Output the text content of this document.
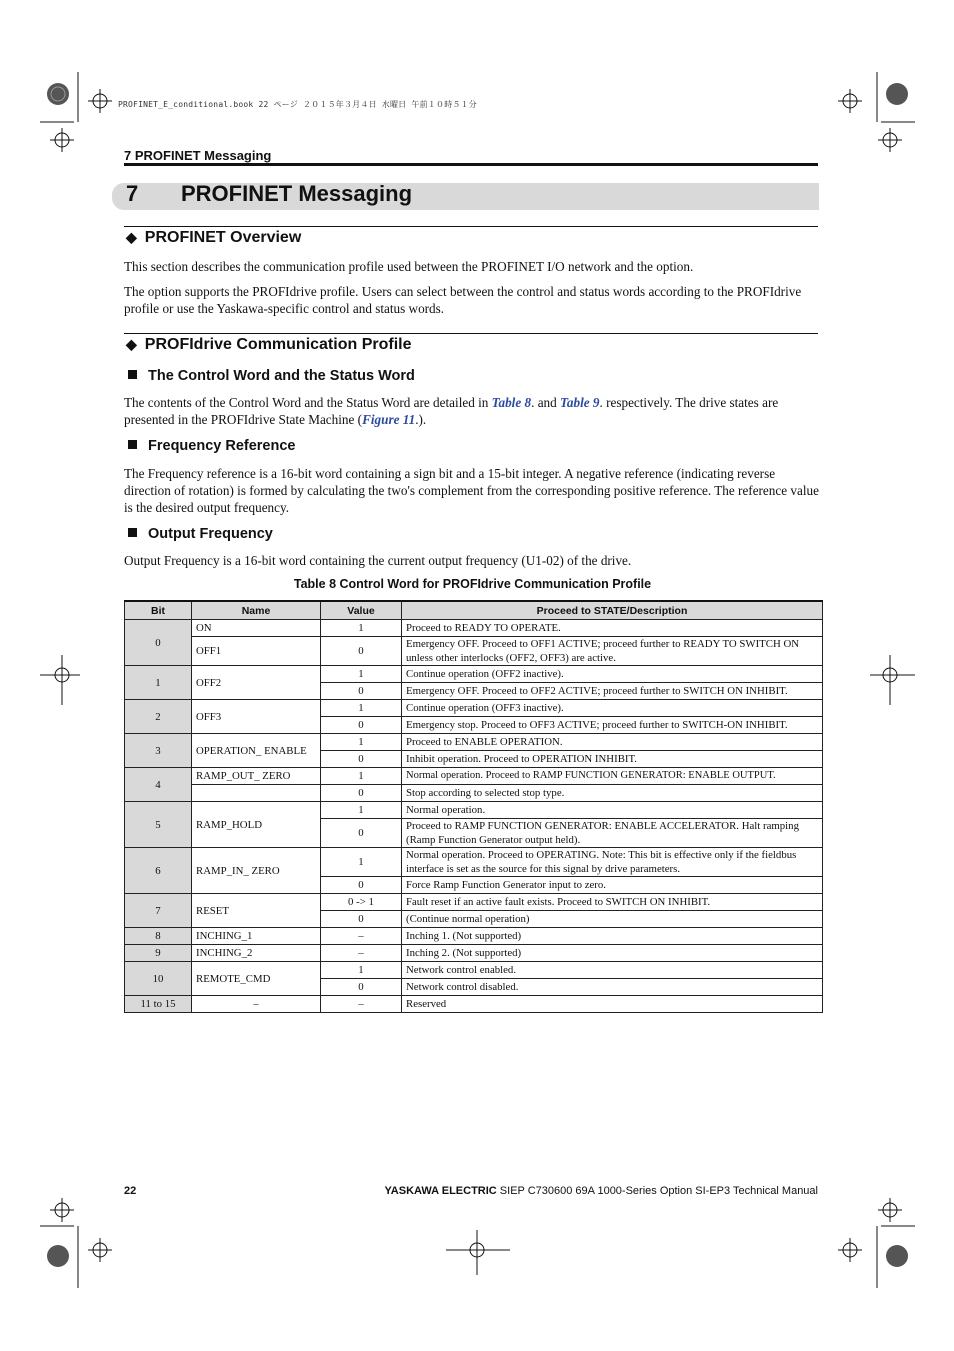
PROFINET_E_conditional.book 22 ページ ２０１５年３月４日 水曜日 午前１０時５１分
7 PROFINET Messaging
7 PROFINET Messaging
◆ PROFINET Overview

This section describes the communication profile used between the PROFINET I/O network and the option.

The option supports the PROFIdrive profile. Users can select between the control and status words according to the PROFIdrive profile or use the Yaskawa-specific control and status words.

◆ PROFIdrive Communication Profile
The Control Word and the Status Word

The contents of the Control Word and the Status Word are detailed in Table 8. and Table 9. respectively. The drive states are presented in the PROFIdrive State Machine (Figure 11.).

Frequency Reference

The Frequency reference is a 16-bit word containing a sign bit and a 15-bit integer. A negative reference (indicating reverse direction of rotation) is formed by calculating the two's complement from the corresponding positive reference. The reference value is the desired output frequency.

Output Frequency

Output Frequency is a 16-bit word containing the current output frequency (U1-02) of the drive.

Table 8 Control Word for PROFIdrive Communication Profile
Bit	Name	Value	Proceed to STATE/Description
0	ON	1	Proceed to READY TO OPERATE.
	OFF1	0	Emergency OFF. Proceed to OFF1 ACTIVE; proceed further to READY TO SWITCH ON unless other interlocks (OFF2, OFF3) are active.
1	OFF2	1	Continue operation (OFF2 inactive).
		0	Emergency OFF. Proceed to OFF2 ACTIVE; proceed further to SWITCH ON INHIBIT.
2	OFF3	1	Continue operation (OFF3 inactive).
		0	Emergency stop. Proceed to OFF3 ACTIVE; proceed further to SWITCH-ON INHIBIT.
3	OPERATION_ ENABLE	1	Proceed to ENABLE OPERATION.
		0	Inhibit operation. Proceed to OPERATION INHIBIT.
4	RAMP_OUT_ ZERO	1	Normal operation. Proceed to RAMP FUNCTION GENERATOR: ENABLE OUTPUT.
		0	Stop according to selected stop type.
5	RAMP_HOLD	1	Normal operation.
		0	Proceed to RAMP FUNCTION GENERATOR: ENABLE ACCELERATOR. Halt ramping (Ramp Function Generator output held).
6	RAMP_IN_ ZERO	1	Normal operation. Proceed to OPERATING. Note: This bit is effective only if the fieldbus interface is set as the source for this signal by drive parameters.
		0	Force Ramp Function Generator input to zero.
7	RESET	0 -> 1	Fault reset if an active fault exists. Proceed to SWITCH ON INHIBIT.
		0	(Continue normal operation)
8	INCHING_1	–	Inching 1. (Not supported)
9	INCHING_2	–	Inching 2. (Not supported)
10	REMOTE_CMD	1	Network control enabled.
		0	Network control disabled.
11 to 15	–	–	Reserved
22	YASKAWA ELECTRIC SIEP C730600 69A 1000-Series Option SI-EP3 Technical Manual
